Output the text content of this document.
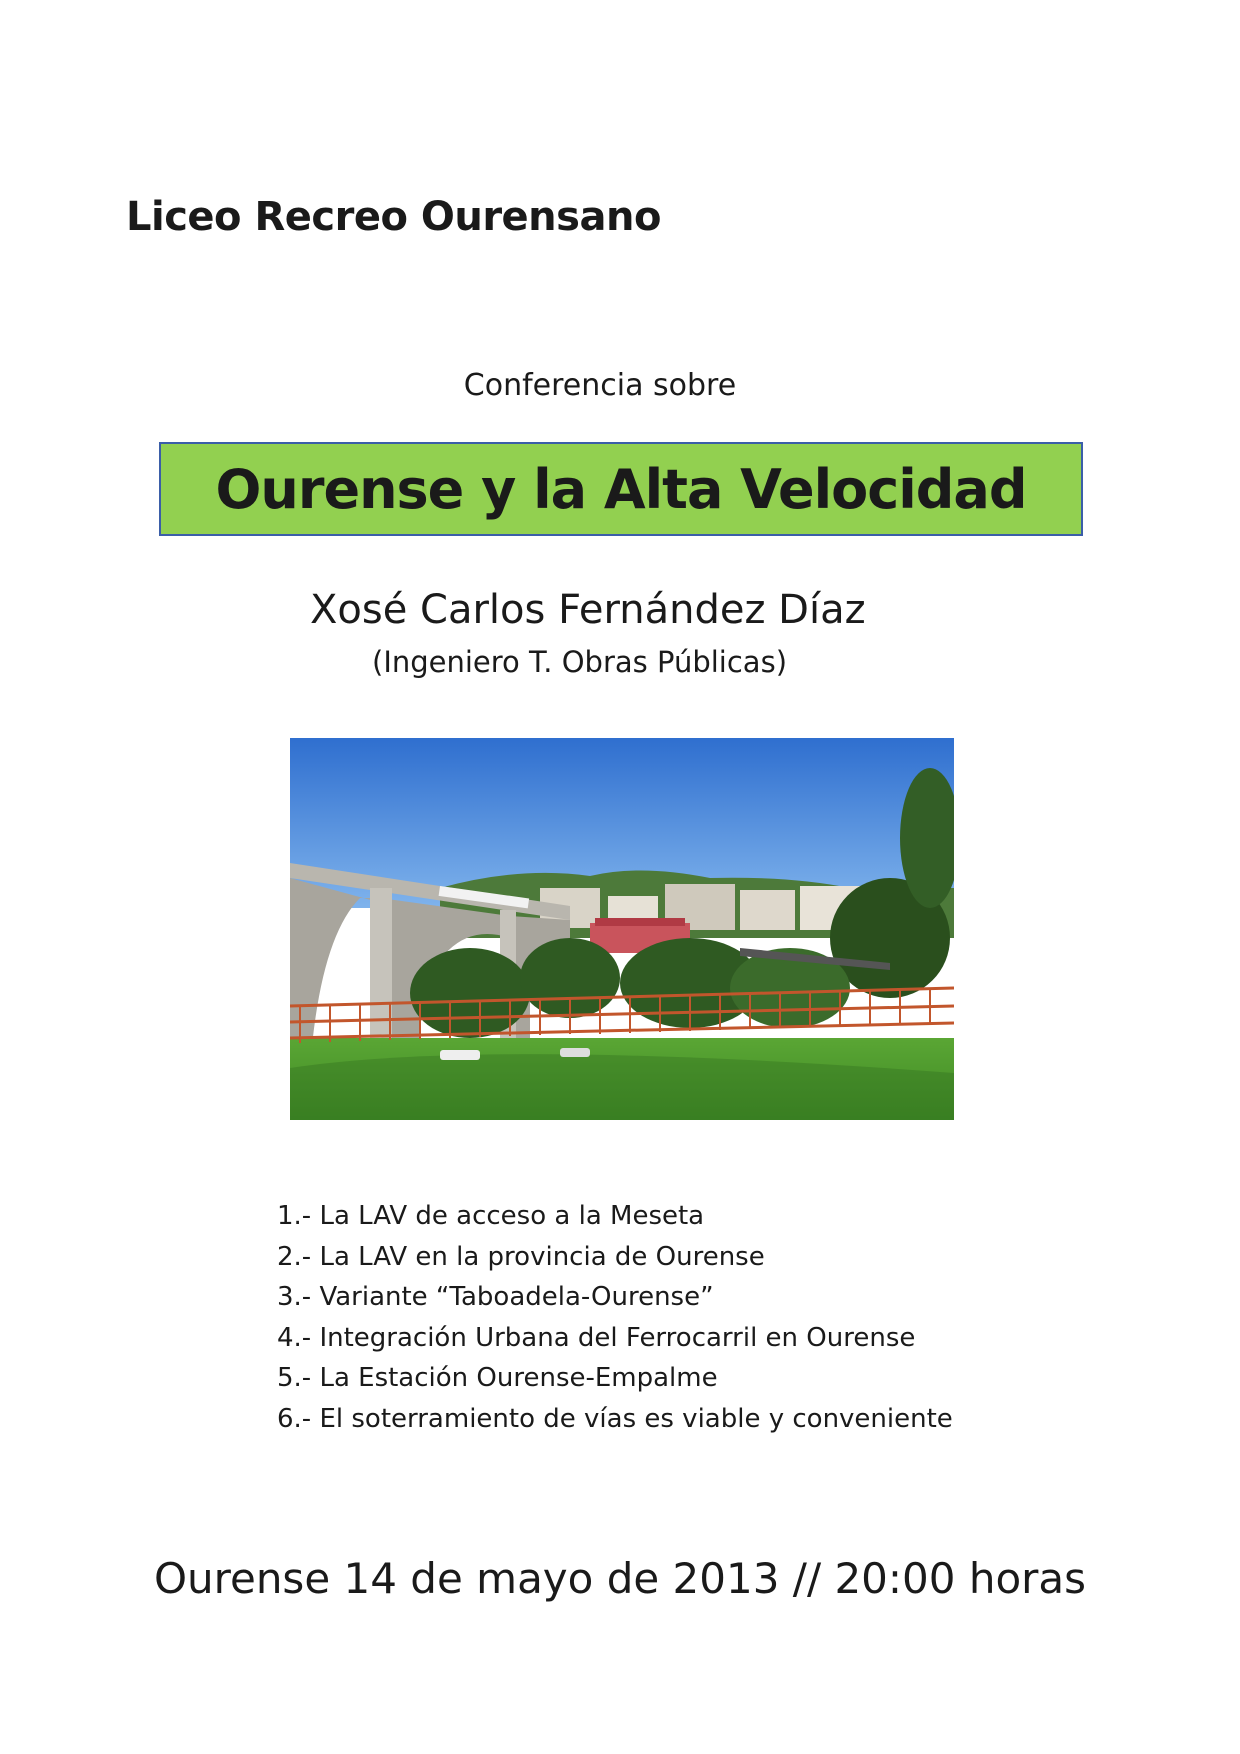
Liceo Recreo Ourensano
Conferencia sobre
Ourense y la Alta Velocidad
Xosé Carlos Fernández Díaz
(Ingeniero T. Obras Públicas)
1.- La LAV de acceso a la Meseta
2.- La LAV en la provincia de Ourense
3.- Variante “Taboadela-Ourense”
4.- Integración Urbana del Ferrocarril en Ourense
5.- La Estación Ourense-Empalme
6.- El soterramiento de vías es viable y conveniente
Ourense 14 de mayo de 2013 // 20:00 horas
